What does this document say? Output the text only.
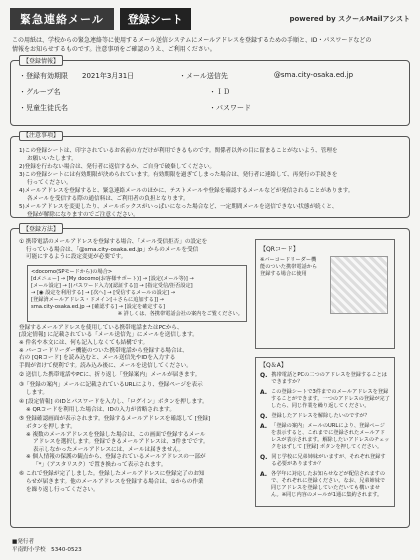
緊急連絡メール	登録シート	powered by スクールMailアシスト
この用紙は、学校からの緊急連絡等に使用するメール送信システムにメールアドレスを登録するための手順と、ID・パスワードなどの
情報をお知らせするものです。注意事項をご確認のうえ、ご利用ください。
【登録情報】
・登録有効期限 2021年3月31日	・メール送信先	@sma.city-osaka.ed.jp
・グループ名	・ＩＤ
・児童生徒氏名	・パスワード
【注意事項】
1)この登録シートは、印字されているお名前の方だけが利用できるものです。関係者以外の目に留まることがないよう、管理を
お願いいたします。
2)登録を行わない場合は、発行者に返信するか、ご自身で破棄してください。
3)この登録シートには有効期限が決められています。有効期限を過ぎてしまった場合は、発行者に連絡して、再発行の手続きを
行ってください。
4)メールアドレスを登録すると、緊急連絡メールのほかに、テストメールや登録を確認するメールなどが発信されることがあります。
各メールを受信する際の通信料は、ご利用者の負担となります。
5)メールアドレスを変更したり、メールボックスがいっぱいになった場合など、一定期間メールを送信できない状態が続くと、
登録が解除になりますのでご注意ください。
【登録方法】
① 携帯電話のメールアドレスを登録する場合、「メール受信拒否」の設定を
行っている場合は、「@sma.city-osaka.ed.jp」からのメールを受信
可能にするように設定変更が必要です。
<docomo(SPモードから)の場合>
[dメニュー] → [My docomo(お客様サポート)] → [設定(メール等)] →
[メール設定] → [(パスワード入力)[認証する]] → [指定受信/拒否設定]
→ [◉ 設定を利用する] → [次へ] → [受信するメールの設定] →
[登録済メールアドレス・ドメイン[＋さらに追加する]] →
sma.city-osaka.ed.jp → [確認する] → [設定を確定する]
※ 詳しくは、各携帯電話会社の案内をご覧ください。
登録するメールアドレスを使用している携帯電話またはPCから、
[設定情報] に記載されている「メール送信先」にメールを送信します。
※ 件名や本文には、何も記入しなくても結構です。
※ バーコードリーダー機能のついた携帯電話から登録する場合は、
右の [QRコード] を読み込むと、メール送信先やIDを入力する
手間が省けて便利です。読み込み後に、メールを送信してください。
② 送信した携帯電話やPCに、折り返し「登録案内」メールが届きます。
③「登録の案内」メールに記載されているURLにより、登録ページを表示
します。
④ [設定情報] のIDとパスワードを入力し、「ログイン」ボタンを押します。
※ QRコードを利用した場合は、IDの入力が省略されます。
⑤ 登録確認画面が表示されます。登録するメールアドレスを確認して [登録]
ボタンを押します。
※ 複数のメールアドレスを登録した場合は、この画面で登録するメール
アドレスを選択します。登録できるメールアドレスは、3件までです。
表示しなかったメールアドレスには、メールは届きません。
※ 個人情報の保護の観点から、登録されているメールアドレスの一部が
「*」（アスタリスク）で置き換わって表示されます。
⑥ これで登録が完了しました。登録したメールアドレスに登録完了のお知
らせが届きます。他のメールアドレスを登録する場合は、①からの作業
を繰り返し行ってください。
【QRコード】
※バーコードリーダー機能のついた携帯電話から登録する場合に使用
【Q＆A】
Q. 携帯電話とPCの二つのアドレスを登録することはできますか？
A. この登録シートで3件までのメールアドレスを登録することができます。一つのアドレスの登録が完了したら、同じ作業を繰り返してください。
Q. 登録したアドレスを解除したいのですが？
A. 「登録の案内」メールのURLにより、登録ページを表示すると、これまでに登録されたメールアドレスが表示されます。解除したいアドレスのチェックをはずして [登録] ボタンを押してください。
Q. 同じ学校に兄弟姉妹がいますが、それぞれ登録する必要がありますか？
A. 各学年に対応したお知らせなどが配信されますので、それぞれに登録ください。なお、兄弟姉妹で同じアドレスを登録していただいても構いません。※同じ内容のメールが1通に集約されます。
■発行者
平南野小学校　5340-0523
